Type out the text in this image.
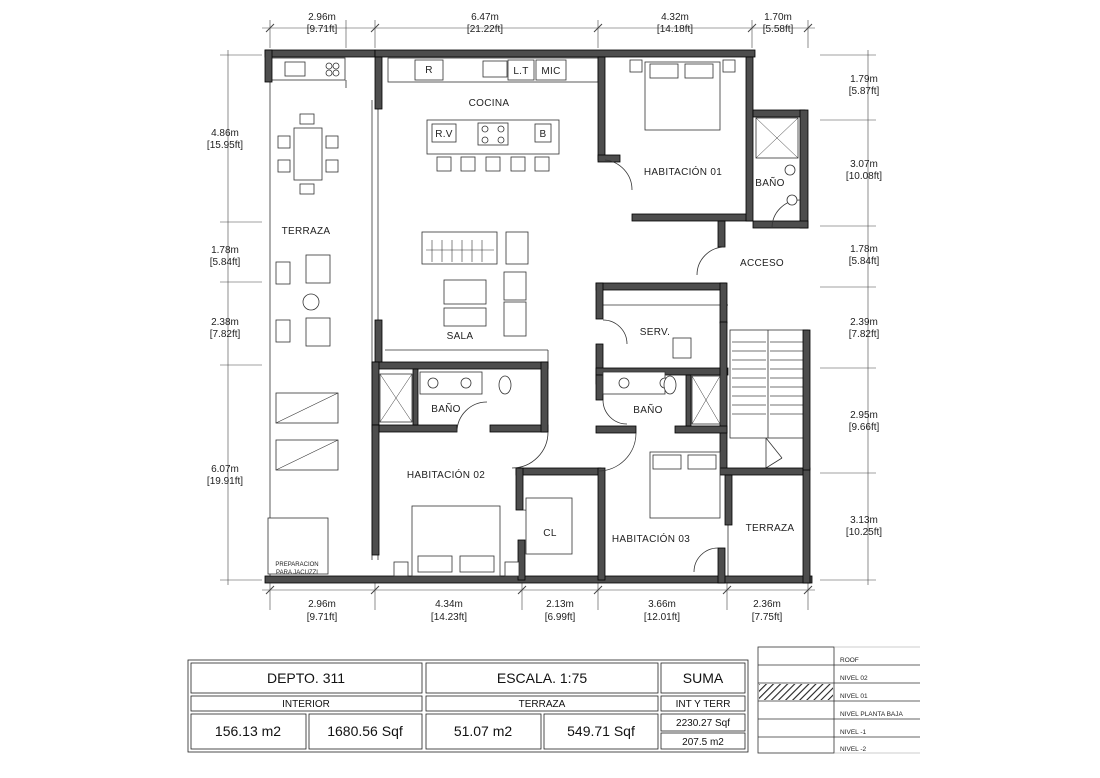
2.96m
[9.71ft]
6.47m
[21.22ft]
4.32m
[14.18ft]
1.70m
[5.58ft]
2.96m
[9.71ft]
4.34m
[14.23ft]
2.13m
[6.99ft]
3.66m
[12.01ft]
2.36m
[7.75ft]
4.86m
[15.95ft]
1.78m
[5.84ft]
2.38m
[7.82ft]
6.07m
[19.91ft]
1.79m
[5.87ft]
3.07m
[10.08ft]
1.78m
[5.84ft]
2.39m
[7.82ft]
2.95m
[9.66ft]
3.13m
[10.25ft]
COCINA
SALA
TERRAZA
HABITACIÓN 01
BAÑO
ACCESO
SERV.
BAÑO	BAÑO
HABITACIÓN 02
CL
HABITACIÓN 03
TERRAZA
PREPARACION
PARA JACUZZI
R	L.T MIC
R.V	B
DEPTO. 311	ESCALA. 1:75	SUMA
INTERIOR	TERRAZA	INT Y TERR
156.13 m2	1680.56 Sqf	51.07 m2	549.71 Sqf	2230.27 Sqf
207.5 m2
ROOF
NIVEL 02
NIVEL 01
NIVEL PLANTA BAJA
NIVEL -1
NIVEL -2
